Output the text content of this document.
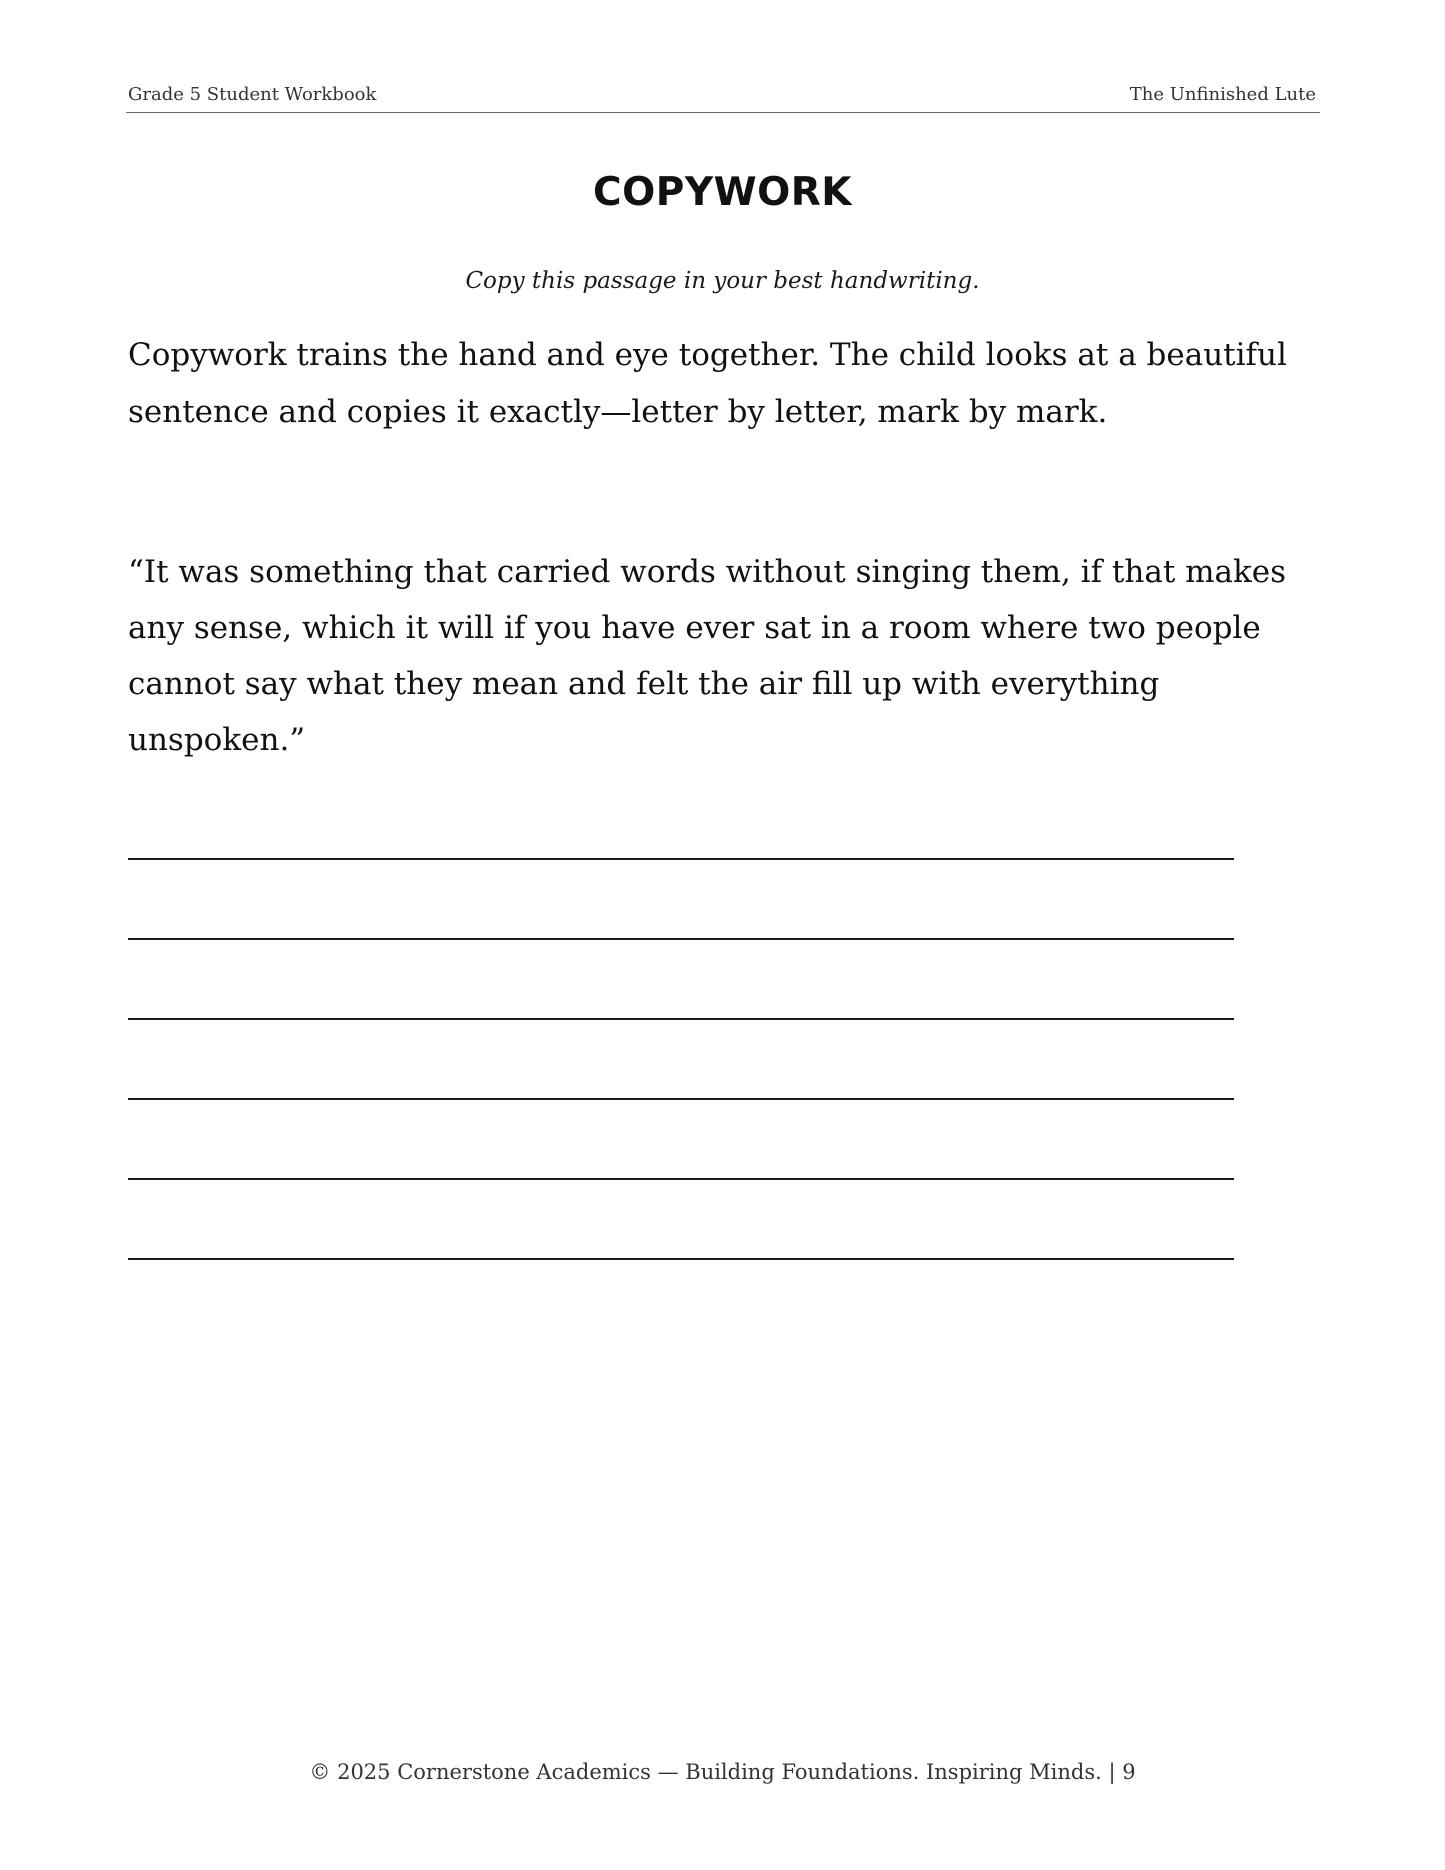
Grade 5 Student Workbook	The Unfinished Lute
COPYWORK
Copy this passage in your best handwriting.

Copywork trains the hand and eye together. The child looks at a beautiful sentence and copies it exactly—letter by letter, mark by mark.

“It was something that carried words without singing them, if that makes any sense, which it will if you have ever sat in a room where two people cannot say what they mean and felt the air fill up with everything unspoken.”

© 2025 Cornerstone Academics — Building Foundations. Inspiring Minds. | 9
